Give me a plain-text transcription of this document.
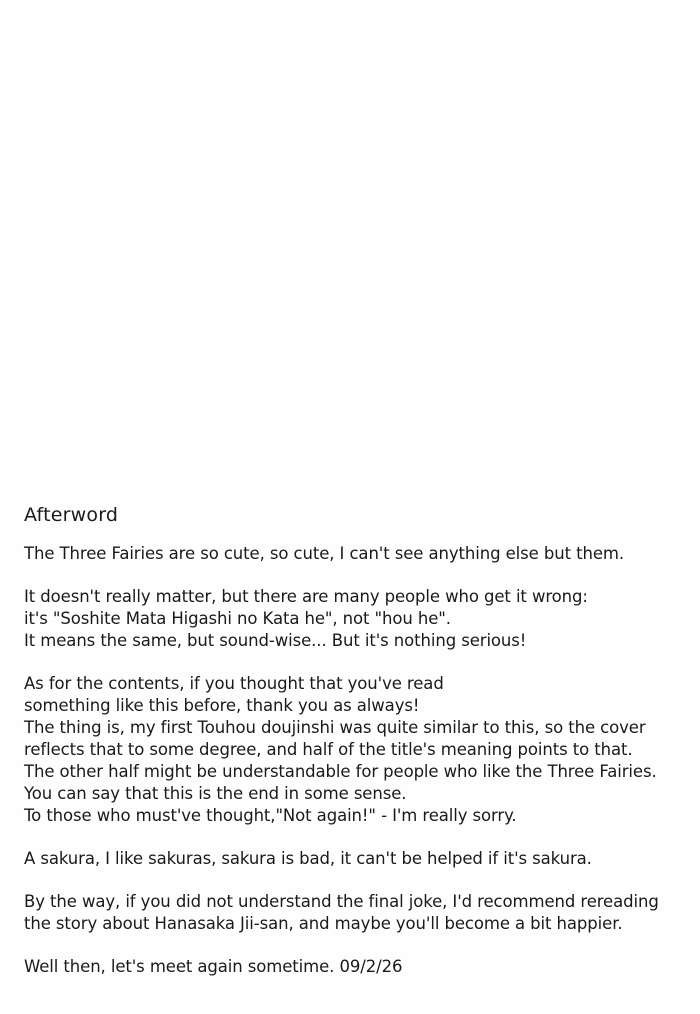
Afterword
The Three Fairies are so cute, so cute, I can't see anything else but them.
It doesn't really matter, but there are many people who get it wrong:
it's "Soshite Mata Higashi no Kata he", not "hou he".
It means the same, but sound-wise... But it's nothing serious!
As for the contents, if you thought that you've read
something like this before, thank you as always!
The thing is, my first Touhou doujinshi was quite similar to this, so the cover
reflects that to some degree, and half of the title's meaning points to that.
The other half might be understandable for people who like the Three Fairies.
You can say that this is the end in some sense.
To those who must've thought,"Not again!" - I'm really sorry.
A sakura, I like sakuras, sakura is bad, it can't be helped if it's sakura.
By the way, if you did not understand the final joke, I'd recommend rereading
the story about Hanasaka Jii-san, and maybe you'll become a bit happier.
Well then, let's meet again sometime. 09/2/26
